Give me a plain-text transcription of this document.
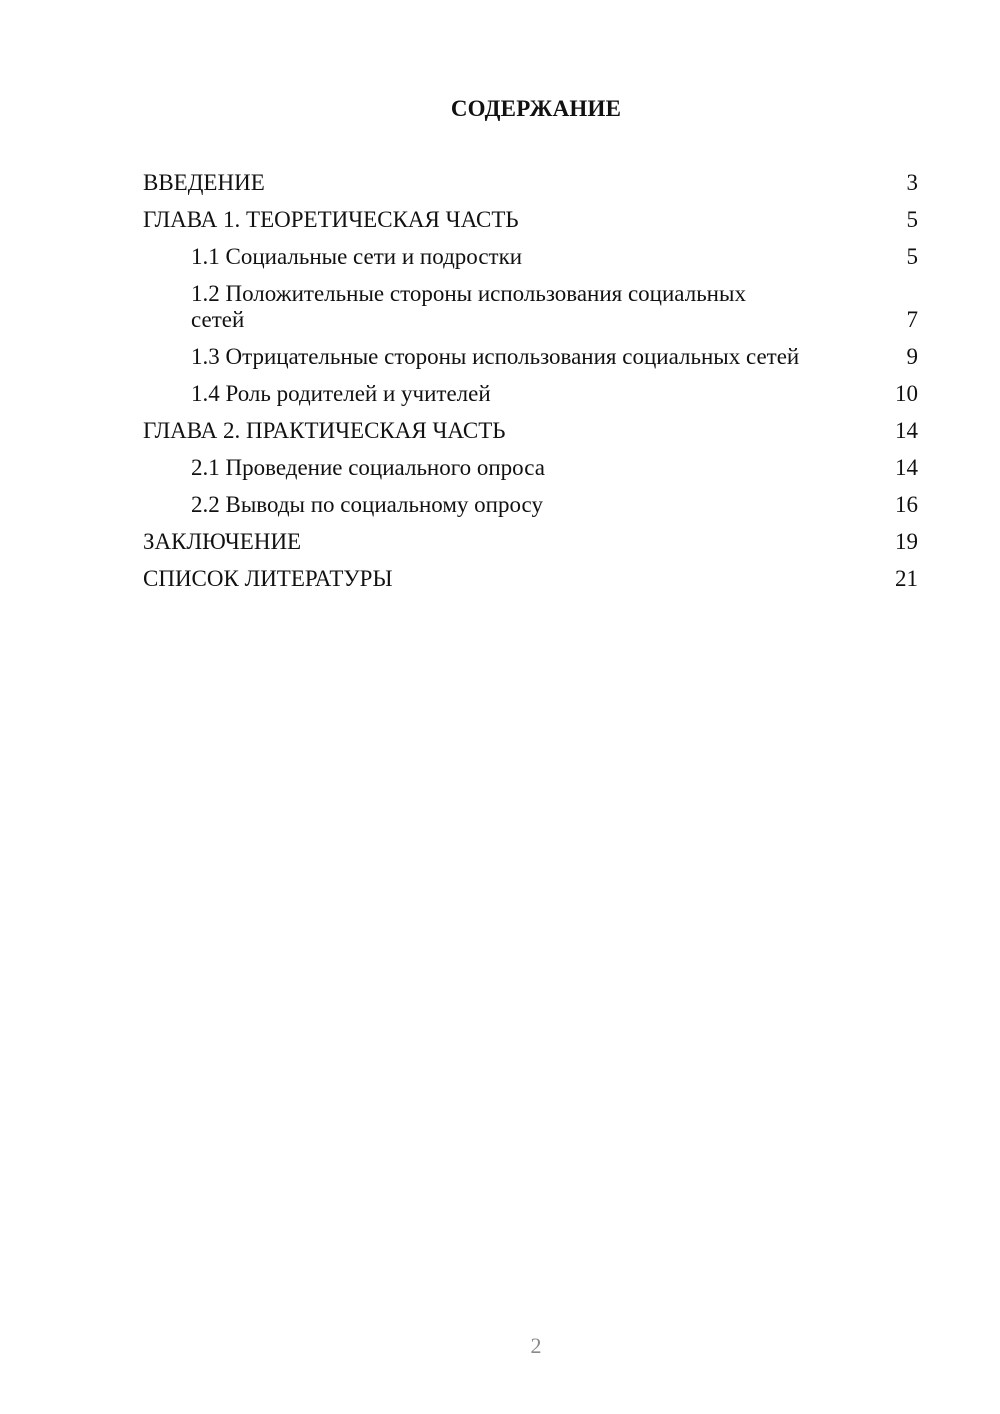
СОДЕРЖАНИЕ
ВВЕДЕНИЕ	3
ГЛАВА 1. ТЕОРЕТИЧЕСКАЯ ЧАСТЬ	5
1.1 Социальные сети и подростки	5
1.2 Положительные стороны использования социальных сетей	7
1.3 Отрицательные стороны использования социальных сетей	9
1.4 Роль родителей и учителей	10
ГЛАВА 2. ПРАКТИЧЕСКАЯ ЧАСТЬ	14
2.1 Проведение социального опроса	14
2.2 Выводы по социальному опросу	16
ЗАКЛЮЧЕНИЕ	19
СПИСОК ЛИТЕРАТУРЫ	21
2
